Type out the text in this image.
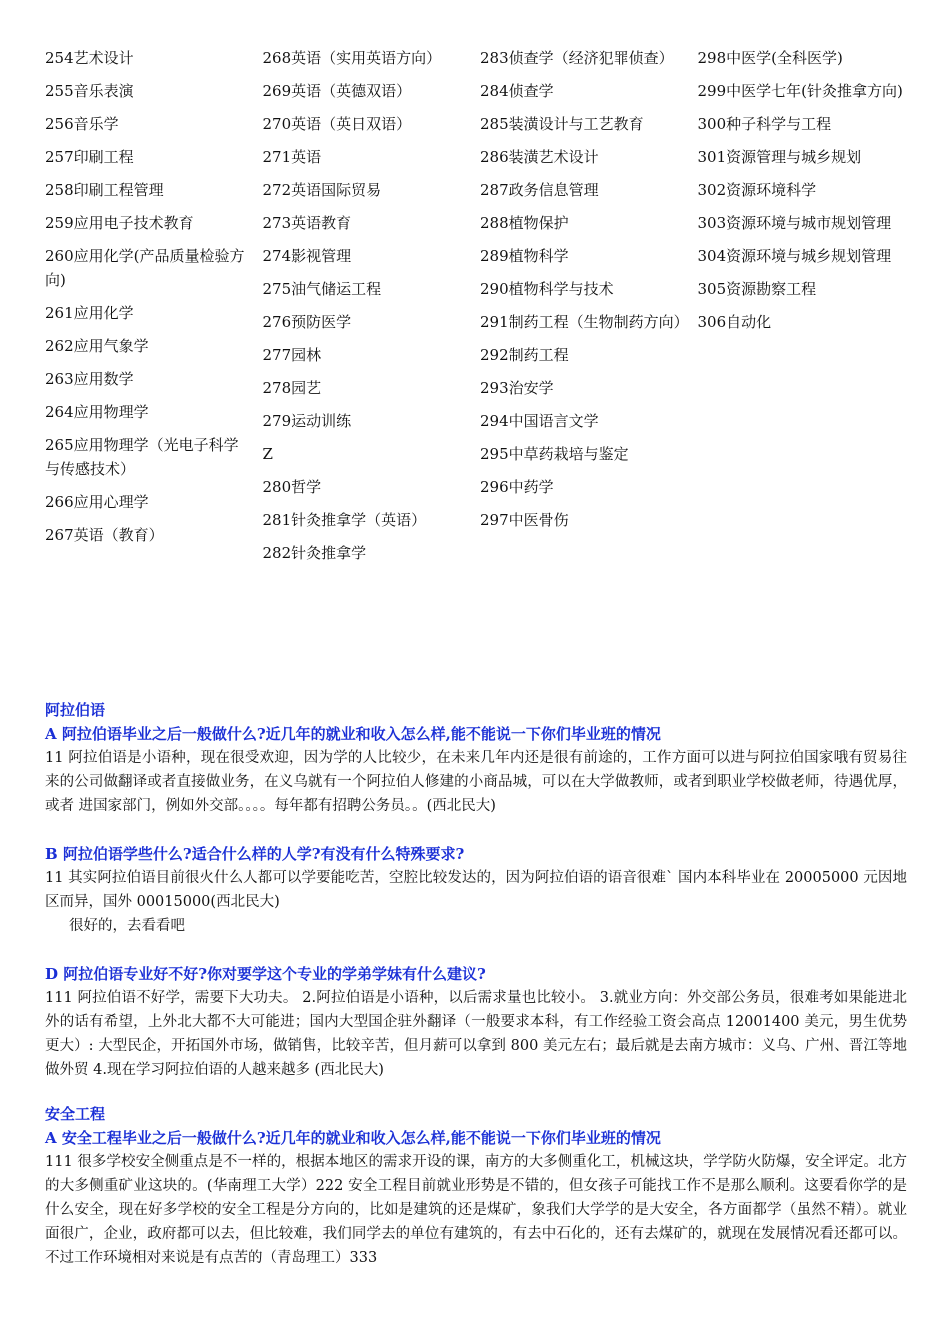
254艺术设计
255音乐表演
256音乐学
257印刷工程
258印刷工程管理
259应用电子技术教育
260应用化学(产品质量检验方向)
261应用化学
262应用气象学
263应用数学
264应用物理学
265应用物理学（光电子科学与传感技术）
266应用心理学
267英语（教育）
268英语（实用英语方向）
269英语（英德双语）
270英语（英日双语）
271英语
272英语国际贸易
273英语教育
274影视管理
275油气储运工程
276预防医学
277园林
278园艺
279运动训练
Z
280哲学
281针灸推拿学（英语）
282针灸推拿学
283侦查学（经济犯罪侦查）
284侦查学
285装潢设计与工艺教育
286装潢艺术设计
287政务信息管理
288植物保护
289植物科学
290植物科学与技术
291制药工程（生物制药方向）
292制药工程
293治安学
294中国语言文学
295中草药栽培与鉴定
296中药学
297中医骨伤
298中医学(全科医学)
299中医学七年(针灸推拿方向)
300种子科学与工程
301资源管理与城乡规划
302资源环境科学
303资源环境与城市规划管理
304资源环境与城乡规划管理
305资源勘察工程
306自动化

阿拉伯语

A 阿拉伯语毕业之后一般做什么?近几年的就业和收入怎么样,能不能说一下你们毕业班的情况

11 阿拉伯语是小语种，现在很受欢迎，因为学的人比较少，在未来几年内还是很有前途的，工作方面可以进与阿拉伯国家哦有贸易往来的公司做翻译或者直接做业务，在义乌就有一个阿拉伯人修建的小商品城，可以在大学做教师，或者到职业学校做老师，待遇优厚，或者 进国家部门，例如外交部。。。。每年都有招聘公务员。。(西北民大)

B 阿拉伯语学些什么?适合什么样的人学?有没有什么特殊要求?

11 其实阿拉伯语目前很火什么人都可以学要能吃苦，空腔比较发达的，因为阿拉伯语的语音很难` 国内本科毕业在 20005000 元因地区而异，国外 00015000(西北民大)

很好的，去看看吧

D 阿拉伯语专业好不好?你对要学这个专业的学弟学妹有什么建议?

111 阿拉伯语不好学，需要下大功夫。 2.阿拉伯语是小语种，以后需求量也比较小。 3.就业方向：外交部公务员，很难考如果能进北外的话有希望，上外北大都不大可能进；国内大型国企驻外翻译（一般要求本科，有工作经验工资会高点 12001400 美元，男生优势更大）: 大型民企，开拓国外市场，做销售，比较辛苦，但月薪可以拿到 800 美元左右；最后就是去南方城市：义乌、广州、晋江等地做外贸 4.现在学习阿拉伯语的人越来越多 (西北民大)

安全工程

A 安全工程毕业之后一般做什么?近几年的就业和收入怎么样,能不能说一下你们毕业班的情况

111 很多学校安全侧重点是不一样的，根据本地区的需求开设的课，南方的大多侧重化工，机械这块，学学防火防爆，安全评定。北方的大多侧重矿业这块的。(华南理工大学）222 安全工程目前就业形势是不错的，但女孩子可能找工作不是那么顺利。这要看你学的是什么安全，现在好多学校的安全工程是分方向的，比如是建筑的还是煤矿，象我们大学学的是大安全，各方面都学（虽然不精）。就业面很广，企业，政府都可以去，但比较难，我们同学去的单位有建筑的，有去中石化的，还有去煤矿的，就现在发展情况看还都可以。不过工作环境相对来说是有点苦的（青岛理工）333
